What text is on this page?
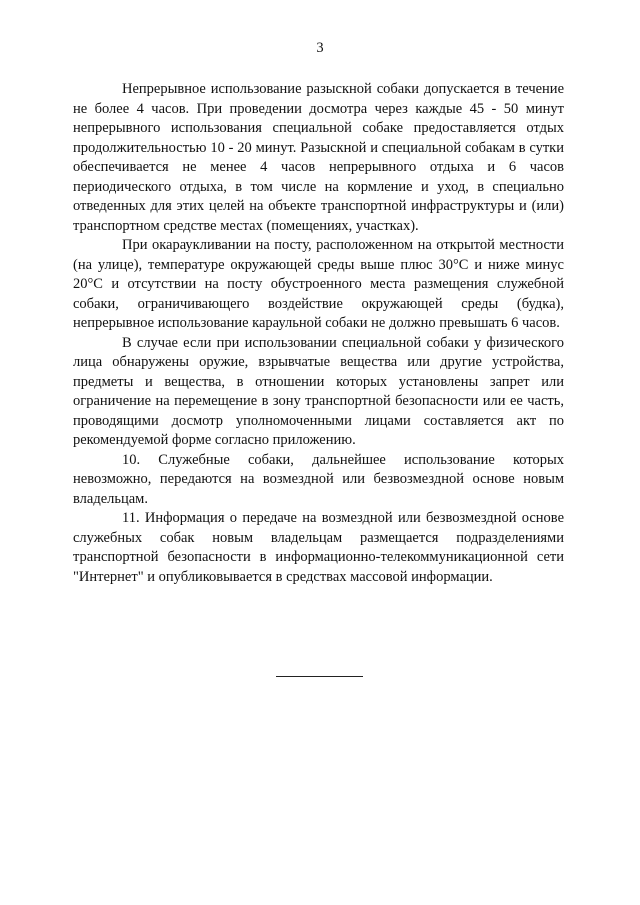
3

Непрерывное использование разыскной собаки допускается в течение не более 4 часов. При проведении досмотра через каждые 45 - 50 минут непрерывного использования специальной собаке предоставляется отдых продолжительностью 10 - 20 минут. Разыскной и специальной собакам в сутки обеспечивается не менее 4 часов непрерывного отдыха и 6 часов периодического отдыха, в том числе на кормление и уход, в специально отведенных для этих целей на объекте транспортной инфраструктуры и (или) транспортном средстве местах (помещениях, участках).

При окараукливании на посту, расположенном на открытой местности (на улице), температуре окружающей среды выше плюс 30°С и ниже минус 20°С и отсутствии на посту обустроенного места размещения служебной собаки, ограничивающего воздействие окружающей среды (будка), непрерывное использование караульной собаки не должно превышать 6 часов.

В случае если при использовании специальной собаки у физического лица обнаружены оружие, взрывчатые вещества или другие устройства, предметы и вещества, в отношении которых установлены запрет или ограничение на перемещение в зону транспортной безопасности или ее часть, проводящими досмотр уполномоченными лицами составляется акт по рекомендуемой форме согласно приложению.

10. Служебные собаки, дальнейшее использование которых невозможно, передаются на возмездной или безвозмездной основе новым владельцам.

11. Информация о передаче на возмездной или безвозмездной основе служебных собак новым владельцам размещается подразделениями транспортной безопасности в информационно-телекоммуникационной сети "Интернет" и опубликовывается в средствах массовой информации.
